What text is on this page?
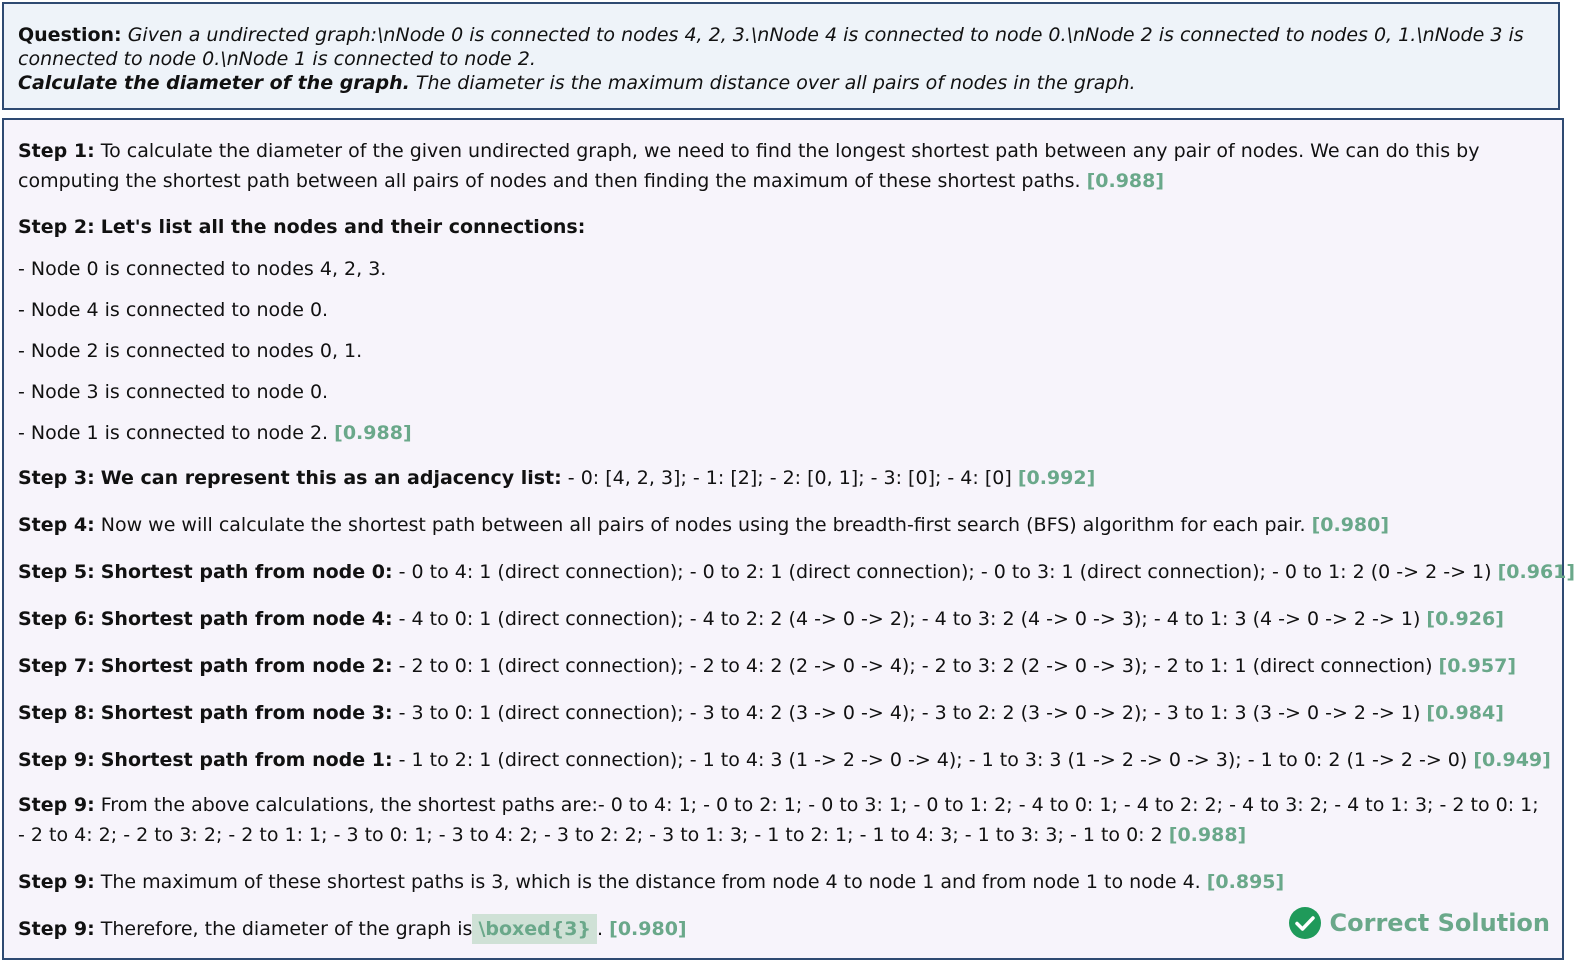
Question: Given a undirected graph:\nNode 0 is connected to nodes 4, 2, 3.\nNode 4 is connected to node 0.\nNode 2 is connected to nodes 0, 1.\nNode 3 is connected to node 0.\nNode 1 is connected to node 2.
Calculate the diameter of the graph. The diameter is the maximum distance over all pairs of nodes in the graph.
Step 1: To calculate the diameter of the given undirected graph, we need to find the longest shortest path between any pair of nodes. We can do this by computing the shortest path between all pairs of nodes and then finding the maximum of these shortest paths. [0.988]
Step 2: Let's list all the nodes and their connections:
- Node 0 is connected to nodes 4, 2, 3.
- Node 4 is connected to node 0.
- Node 2 is connected to nodes 0, 1.
- Node 3 is connected to node 0.
- Node 1 is connected to node 2. [0.988]
Step 3: We can represent this as an adjacency list: - 0: [4, 2, 3]; - 1: [2]; - 2: [0, 1]; - 3: [0]; - 4: [0] [0.992]
Step 4: Now we will calculate the shortest path between all pairs of nodes using the breadth-first search (BFS) algorithm for each pair. [0.980]
Step 5: Shortest path from node 0: - 0 to 4: 1 (direct connection); - 0 to 2: 1 (direct connection); - 0 to 3: 1 (direct connection); - 0 to 1: 2 (0 -> 2 -> 1) [0.961]
Step 6: Shortest path from node 4: - 4 to 0: 1 (direct connection); - 4 to 2: 2 (4 -> 0 -> 2); - 4 to 3: 2 (4 -> 0 -> 3); - 4 to 1: 3 (4 -> 0 -> 2 -> 1) [0.926]
Step 7: Shortest path from node 2: - 2 to 0: 1 (direct connection); - 2 to 4: 2 (2 -> 0 -> 4); - 2 to 3: 2 (2 -> 0 -> 3); - 2 to 1: 1 (direct connection) [0.957]
Step 8: Shortest path from node 3: - 3 to 0: 1 (direct connection); - 3 to 4: 2 (3 -> 0 -> 4); - 3 to 2: 2 (3 -> 0 -> 2); - 3 to 1: 3 (3 -> 0 -> 2 -> 1) [0.984]
Step 9: Shortest path from node 1: - 1 to 2: 1 (direct connection); - 1 to 4: 3 (1 -> 2 -> 0 -> 4); - 1 to 3: 3 (1 -> 2 -> 0 -> 3); - 1 to 0: 2 (1 -> 2 -> 0) [0.949]
Step 9: From the above calculations, the shortest paths are:- 0 to 4: 1; - 0 to 2: 1; - 0 to 3: 1; - 0 to 1: 2; - 4 to 0: 1; - 4 to 2: 2; - 4 to 3: 2; - 4 to 1: 3; - 2 to 0: 1; - 2 to 4: 2; - 2 to 3: 2; - 2 to 1: 1; - 3 to 0: 1; - 3 to 4: 2; - 3 to 2: 2; - 3 to 1: 3; - 1 to 2: 1; - 1 to 4: 3; - 1 to 3: 3; - 1 to 0: 2 [0.988]
Step 9: The maximum of these shortest paths is 3, which is the distance from node 4 to node 1 and from node 1 to node 4. [0.895]
Step 9: Therefore, the diameter of the graph is \boxed{3} . [0.980]	Correct Solution
